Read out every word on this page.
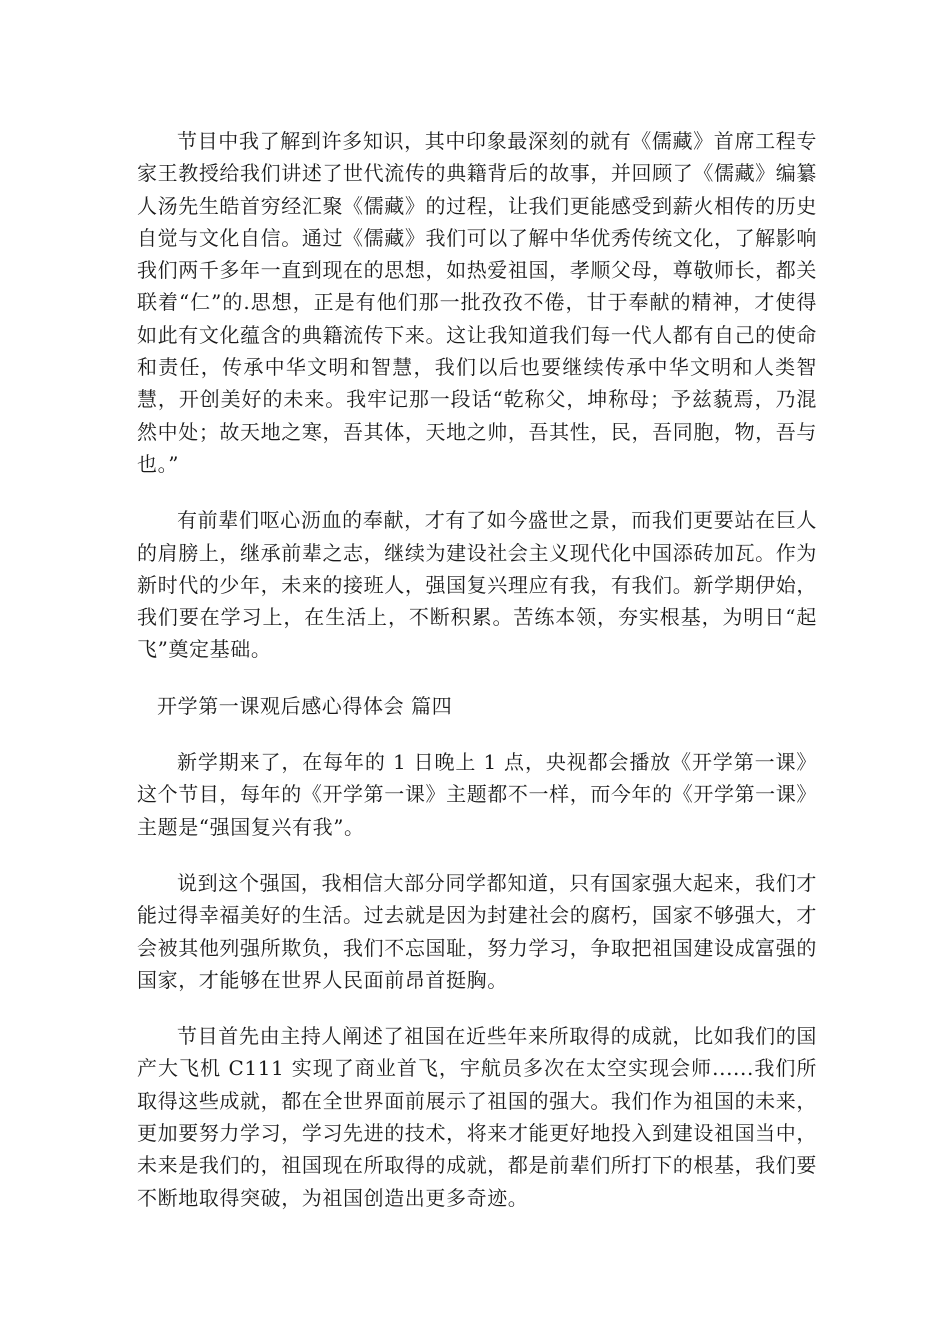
节目中我了解到许多知识，其中印象最深刻的就有《儒藏》首席工程专家王教授给我们讲述了世代流传的典籍背后的故事，并回顾了《儒藏》编纂人汤先生皓首穷经汇聚《儒藏》的过程，让我们更能感受到薪火相传的历史自觉与文化自信。通过《儒藏》我们可以了解中华优秀传统文化，了解影响我们两千多年一直到现在的思想，如热爱祖国，孝顺父母，尊敬师长，都关联着“仁”的.思想，正是有他们那一批孜孜不倦，甘于奉献的精神，才使得如此有文化蕴含的典籍流传下来。这让我知道我们每一代人都有自己的使命和责任，传承中华文明和智慧，我们以后也要继续传承中华文明和人类智慧，开创美好的未来。我牢记那一段话“乾称父，坤称母；予兹藐焉，乃混然中处；故天地之寒，吾其体，天地之帅，吾其性，民，吾同胞，物，吾与也。”

有前辈们呕心沥血的奉献，才有了如今盛世之景，而我们更要站在巨人的肩膀上，继承前辈之志，继续为建设社会主义现代化中国添砖加瓦。作为新时代的少年，未来的接班人，强国复兴理应有我，有我们。新学期伊始，我们要在学习上，在生活上，不断积累。苦练本领，夯实根基，为明日“起飞”奠定基础。

开学第一课观后感心得体会 篇四

新学期来了，在每年的 1 日晚上 1 点，央视都会播放《开学第一课》这个节目，每年的《开学第一课》主题都不一样，而今年的《开学第一课》主题是“强国复兴有我”。

说到这个强国，我相信大部分同学都知道，只有国家强大起来，我们才能过得幸福美好的生活。过去就是因为封建社会的腐朽，国家不够强大，才会被其他列强所欺负，我们不忘国耻，努力学习，争取把祖国建设成富强的国家，才能够在世界人民面前昂首挺胸。

节目首先由主持人阐述了祖国在近些年来所取得的成就，比如我们的国产大飞机 C111 实现了商业首飞，宇航员多次在太空实现会师......我们所取得这些成就，都在全世界面前展示了祖国的强大。我们作为祖国的未来，更加要努力学习，学习先进的技术，将来才能更好地投入到建设祖国当中，未来是我们的，祖国现在所取得的成就，都是前辈们所打下的根基，我们要不断地取得突破，为祖国创造出更多奇迹。
